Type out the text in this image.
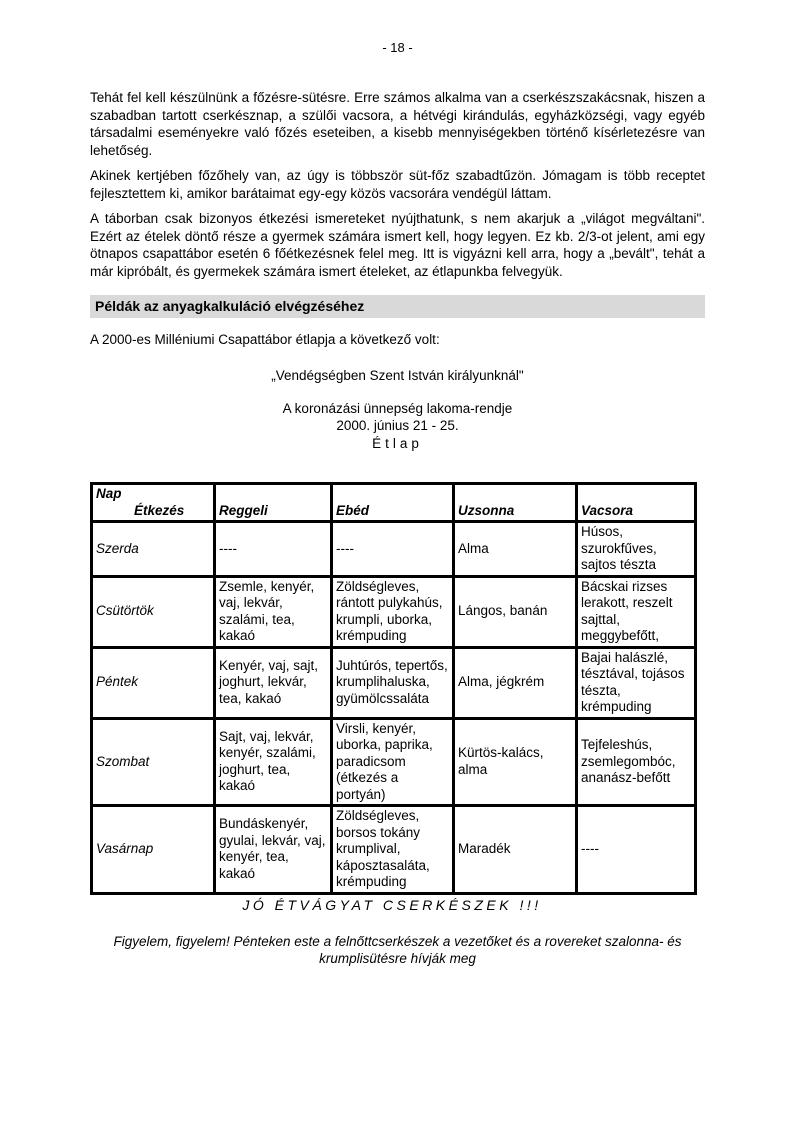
- 18 -

Tehát fel kell készülnünk a főzésre-sütésre. Erre számos alkalma van a cserkészszakácsnak, hiszen a szabadban tartott cserkésznap, a szülői vacsora, a hétvégi kirándulás, egyházközségi, vagy egyéb társadalmi eseményekre való főzés eseteiben, a kisebb mennyiségekben történő kísérletezésre van lehetőség.

Akinek kertjében főzőhely van, az úgy is többször süt-főz szabadtűzön. Jómagam is több receptet fejlesztettem ki, amikor barátaimat egy-egy közös vacsorára vendégül láttam.

A táborban csak bizonyos étkezési ismereteket nyújthatunk, s nem akarjuk a „világot megváltani". Ezért az ételek döntő része a gyermek számára ismert kell, hogy legyen. Ez kb. 2/3-ot jelent, ami egy ötnapos csapattábor esetén 6 főétkezésnek felel meg. Itt is vigyázni kell arra, hogy a „bevált", tehát a már kipróbált, és gyermekek számára ismert ételeket, az étlapunkba felvegyük.

Példák az anyagkalkuláció elvégzéséhez

A 2000-es Milléniumi Csapattábor étlapja a következő volt:

„Vendégségben Szent István királyunknál"

A koronázási ünnepség lakoma-rendje

2000. június 21 - 25.

Étlap

Nap
Étkezés	Reggeli	Ebéd	Uzsonna	Vacsora
Szerda	----	----	Alma	Húsos, szurokfűves, sajtos tészta
Csütörtök	Zsemle, kenyér, vaj, lekvár, szalámi, tea, kakaó	Zöldségleves, rántott pulykahús, krumpli, uborka, krémpuding	Lángos, banán	Bácskai rizses lerakott, reszelt sajttal, meggybefőtt,
Péntek	Kenyér, vaj, sajt, joghurt, lekvár, tea, kakaó	Juhtúrós, tepertős, krumplihaluska, gyümölcssaláta	Alma, jégkrém	Bajai halászlé, tésztával, tojásos tészta, krémpuding
Szombat	Sajt, vaj, lekvár, kenyér, szalámi, joghurt, tea, kakaó	Virsli, kenyér, uborka, paprika, paradicsom (étkezés a portyán)	Kürtös-kalács, alma	Tejfeleshús, zsemlegombóc, ananász-befőtt
Vasárnap	Bundáskenyér, gyulai, lekvár, vaj, kenyér, tea, kakaó	Zöldségleves, borsos tokány krumplival, káposztasaláta, krémpuding	Maradék	----

JÓ ÉTVÁGYAT CSERKÉSZEK !!!

Figyelem, figyelem! Pénteken este a felnőttcserkészek a vezetőket és a rovereket szalonna- és krumplisütésre hívják meg
